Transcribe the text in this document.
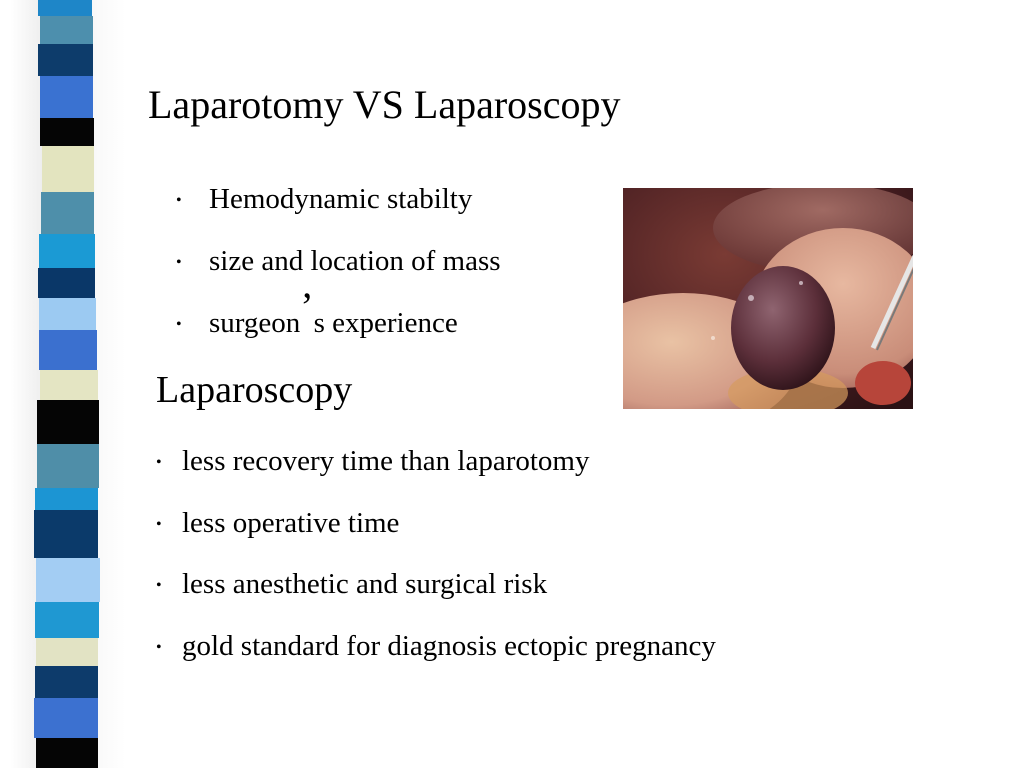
Laparotomy VS Laparoscopy
• Hemodynamic stabilty
• size and location of mass
• surgeon’s experience
Laparoscopy
• less recovery time than laparotomy
• less operative time
• less anesthetic and surgical risk
• gold standard for diagnosis ectopic pregnancy
